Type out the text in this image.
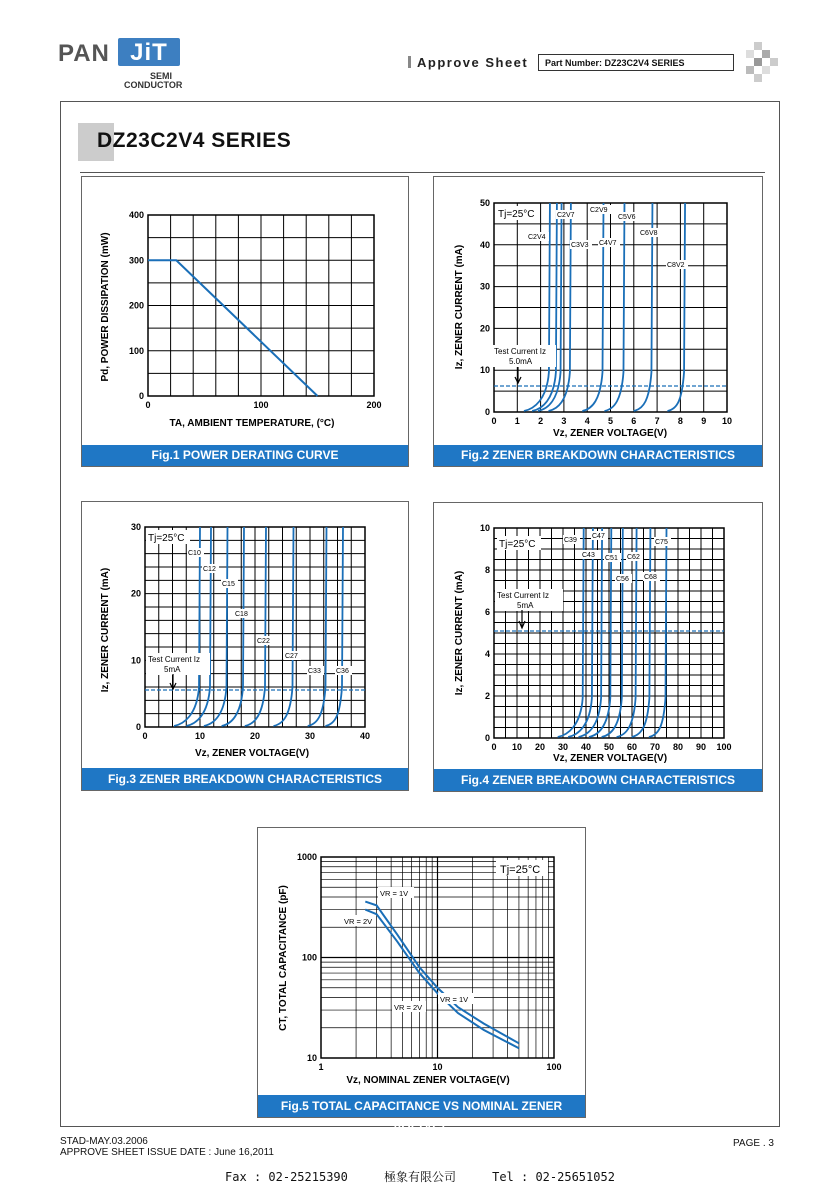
PAN JiT
SEMI
CONDUCTOR
Approve Sheet	Part Number: DZ23C2V4 SERIES
DZ23C2V4 SERIES
0	100	200
0
100
200
300
400
Pd, POWER DISSIPATION (mW)
TA, AMBIENT TEMPERATURE, (°C)
Fig.1 POWER DERATING CURVE
0 1 2 3 4 5 6 7 8 9 10
0
10
20
30
40
50
C2V4
C2V7
C3V3
C2V9
C4V7
C5V6
C6V8
C8V2
Tj=25°C
Test Current Iz
5.0mA
Iz, ZENER CURRENT (mA)
Vz, ZENER VOLTAGE(V)
Fig.2 ZENER BREAKDOWN CHARACTERISTICS
0	10	20	30	40
0
10
20
30
C10
C12
C15
C18
C22
C27
C33 C36
Tj=25°C
Test Current Iz
5mA
Iz, ZENER CURRENT (mA)
Vz, ZENER VOLTAGE(V)
Fig.3 ZENER BREAKDOWN CHARACTERISTICS
0 10 20 30 40 50 60 70 80 90 100
0
2
4
6
8
10
C39
C47
C43 C51 C62
C75
C56 C68
Tj=25°C
Test Current Iz
5mA
Iz, ZENER CURRENT (mA)
Vz, ZENER VOLTAGE(V)
Fig.4 ZENER BREAKDOWN CHARACTERISTICS
1	10	100
10
100
1000
Tj=25°C
VR = 1V
VR = 2V
VR = 1V
VR = 2V
CT, TOTAL CAPACITANCE (pF)
Vz, NOMINAL ZENER VOLTAGE(V)
Fig.5 TOTAL CAPACITANCE VS NOMINAL ZENER VOLTAGE
STAD-MAY.03.2006
APPROVE SHEET ISSUE DATE : June 16,2011
PAGE . 3
Fax : 02-25215390     極象有限公司     Tel : 02-25651052
